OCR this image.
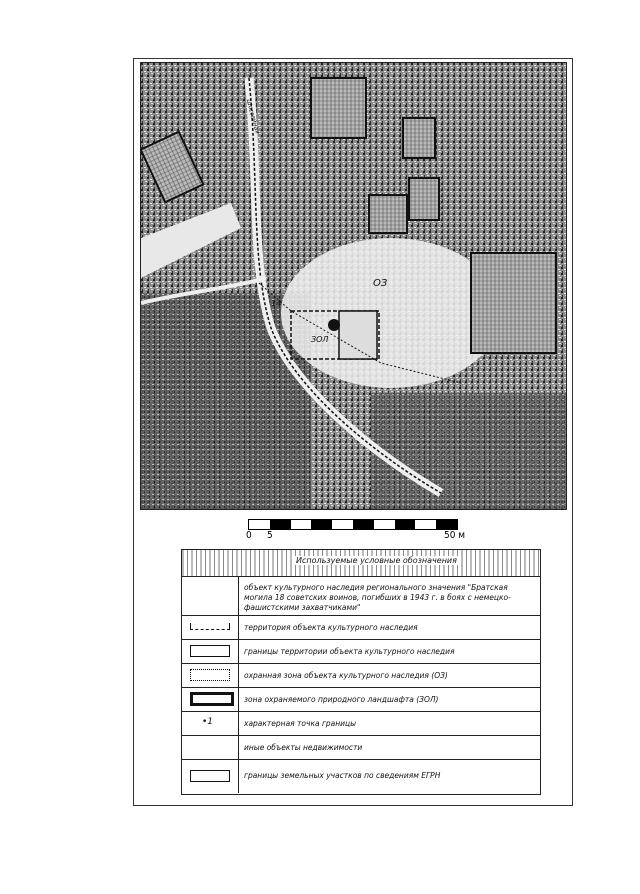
Шоссейная
ОЗ
14
ЗОЛ
0 5	50 м
Используемые условные обозначения
объект культурного наследия регионального значения "Братская могила 18 советских воинов, погибших в 1943 г. в боях с немецко-фашистскими захватчиками"
территория объекта культурного наследия
границы территории объекта культурного наследия
охранная зона объекта культурного наследия (ОЗ)
зона охраняемого природного ландшафта (ЗОЛ)
•1	характерная точка границы
иные объекты недвижимости
границы земельных участков по сведениям ЕГРН
